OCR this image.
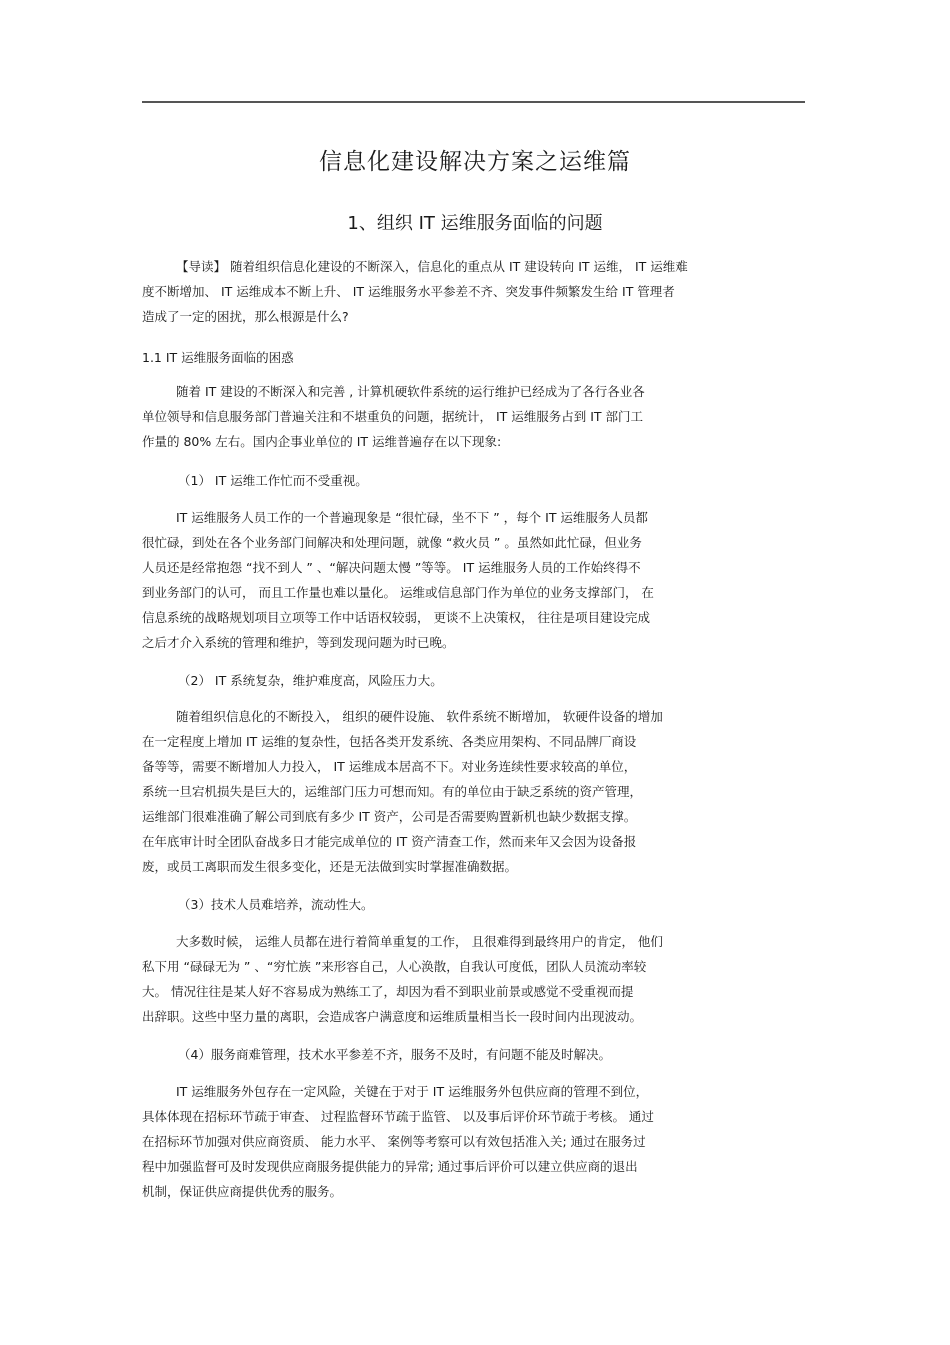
信息化建设解决方案之运维篇
1、组织 IT 运维服务面临的问题
【导读】 随着组织信息化建设的不断深入，信息化的重点从 IT 建设转向 IT 运维， IT 运维难
度不断增加、 IT 运维成本不断上升、 IT 运维服务水平参差不齐、突发事件频繁发生给 IT 管理者
造成了一定的困扰，那么根源是什么?
1.1 IT 运维服务面临的困惑
随着 IT 建设的不断深入和完善 , 计算机硬软件系统的运行维护已经成为了各行各业各
单位领导和信息服务部门普遍关注和不堪重负的问题，据统计， IT 运维服务占到 IT 部门工
作量的 80% 左右。国内企事业单位的 IT 运维普遍存在以下现象:
（1） IT 运维工作忙而不受重视。
IT 运维服务人员工作的一个普遍现象是 “很忙碌，坐不下 ” ，每个 IT 运维服务人员都
很忙碌，到处在各个业务部门间解决和处理问题，就像 “救火员 ” 。虽然如此忙碌，但业务
人员还是经常抱怨 “找不到人 ” 、“解决问题太慢 ”等等。 IT 运维服务人员的工作始终得不
到业务部门的认可， 而且工作量也难以量化。 运维或信息部门作为单位的业务支撑部门， 在
信息系统的战略规划项目立项等工作中话语权较弱， 更谈不上决策权， 往往是项目建设完成
之后才介入系统的管理和维护，等到发现问题为时已晚。
（2） IT 系统复杂，维护难度高，风险压力大。
随着组织信息化的不断投入， 组织的硬件设施、 软件系统不断增加， 软硬件设备的增加
在一定程度上增加 IT 运维的复杂性，包括各类开发系统、各类应用架构、不同品牌厂商设
备等等，需要不断增加人力投入， IT 运维成本居高不下。对业务连续性要求较高的单位，
系统一旦宕机损失是巨大的，运维部门压力可想而知。有的单位由于缺乏系统的资产管理，
运维部门很难准确了解公司到底有多少 IT 资产，公司是否需要购置新机也缺少数据支撑。
在年底审计时全团队奋战多日才能完成单位的 IT 资产清查工作，然而来年又会因为设备报
废，或员工离职而发生很多变化，还是无法做到实时掌握准确数据。
（3）技术人员难培养，流动性大。
大多数时候， 运维人员都在进行着简单重复的工作， 且很难得到最终用户的肯定， 他们
私下用 “碌碌无为 ” 、“穷忙族 ”来形容自己，人心涣散，自我认可度低，团队人员流动率较
大。 情况往往是某人好不容易成为熟练工了，却因为看不到职业前景或感觉不受重视而提
出辞职。这些中坚力量的离职，会造成客户满意度和运维质量相当长一段时间内出现波动。
（4）服务商难管理，技术水平参差不齐，服务不及时，有问题不能及时解决。
IT 运维服务外包存在一定风险，关键在于对于 IT 运维服务外包供应商的管理不到位，
具体体现在招标环节疏于审查、 过程监督环节疏于监管、 以及事后评价环节疏于考核。 通过
在招标环节加强对供应商资质、 能力水平、 案例等考察可以有效包括准入关; 通过在服务过
程中加强监督可及时发现供应商服务提供能力的异常; 通过事后评价可以建立供应商的退出
机制，保证供应商提供优秀的服务。
